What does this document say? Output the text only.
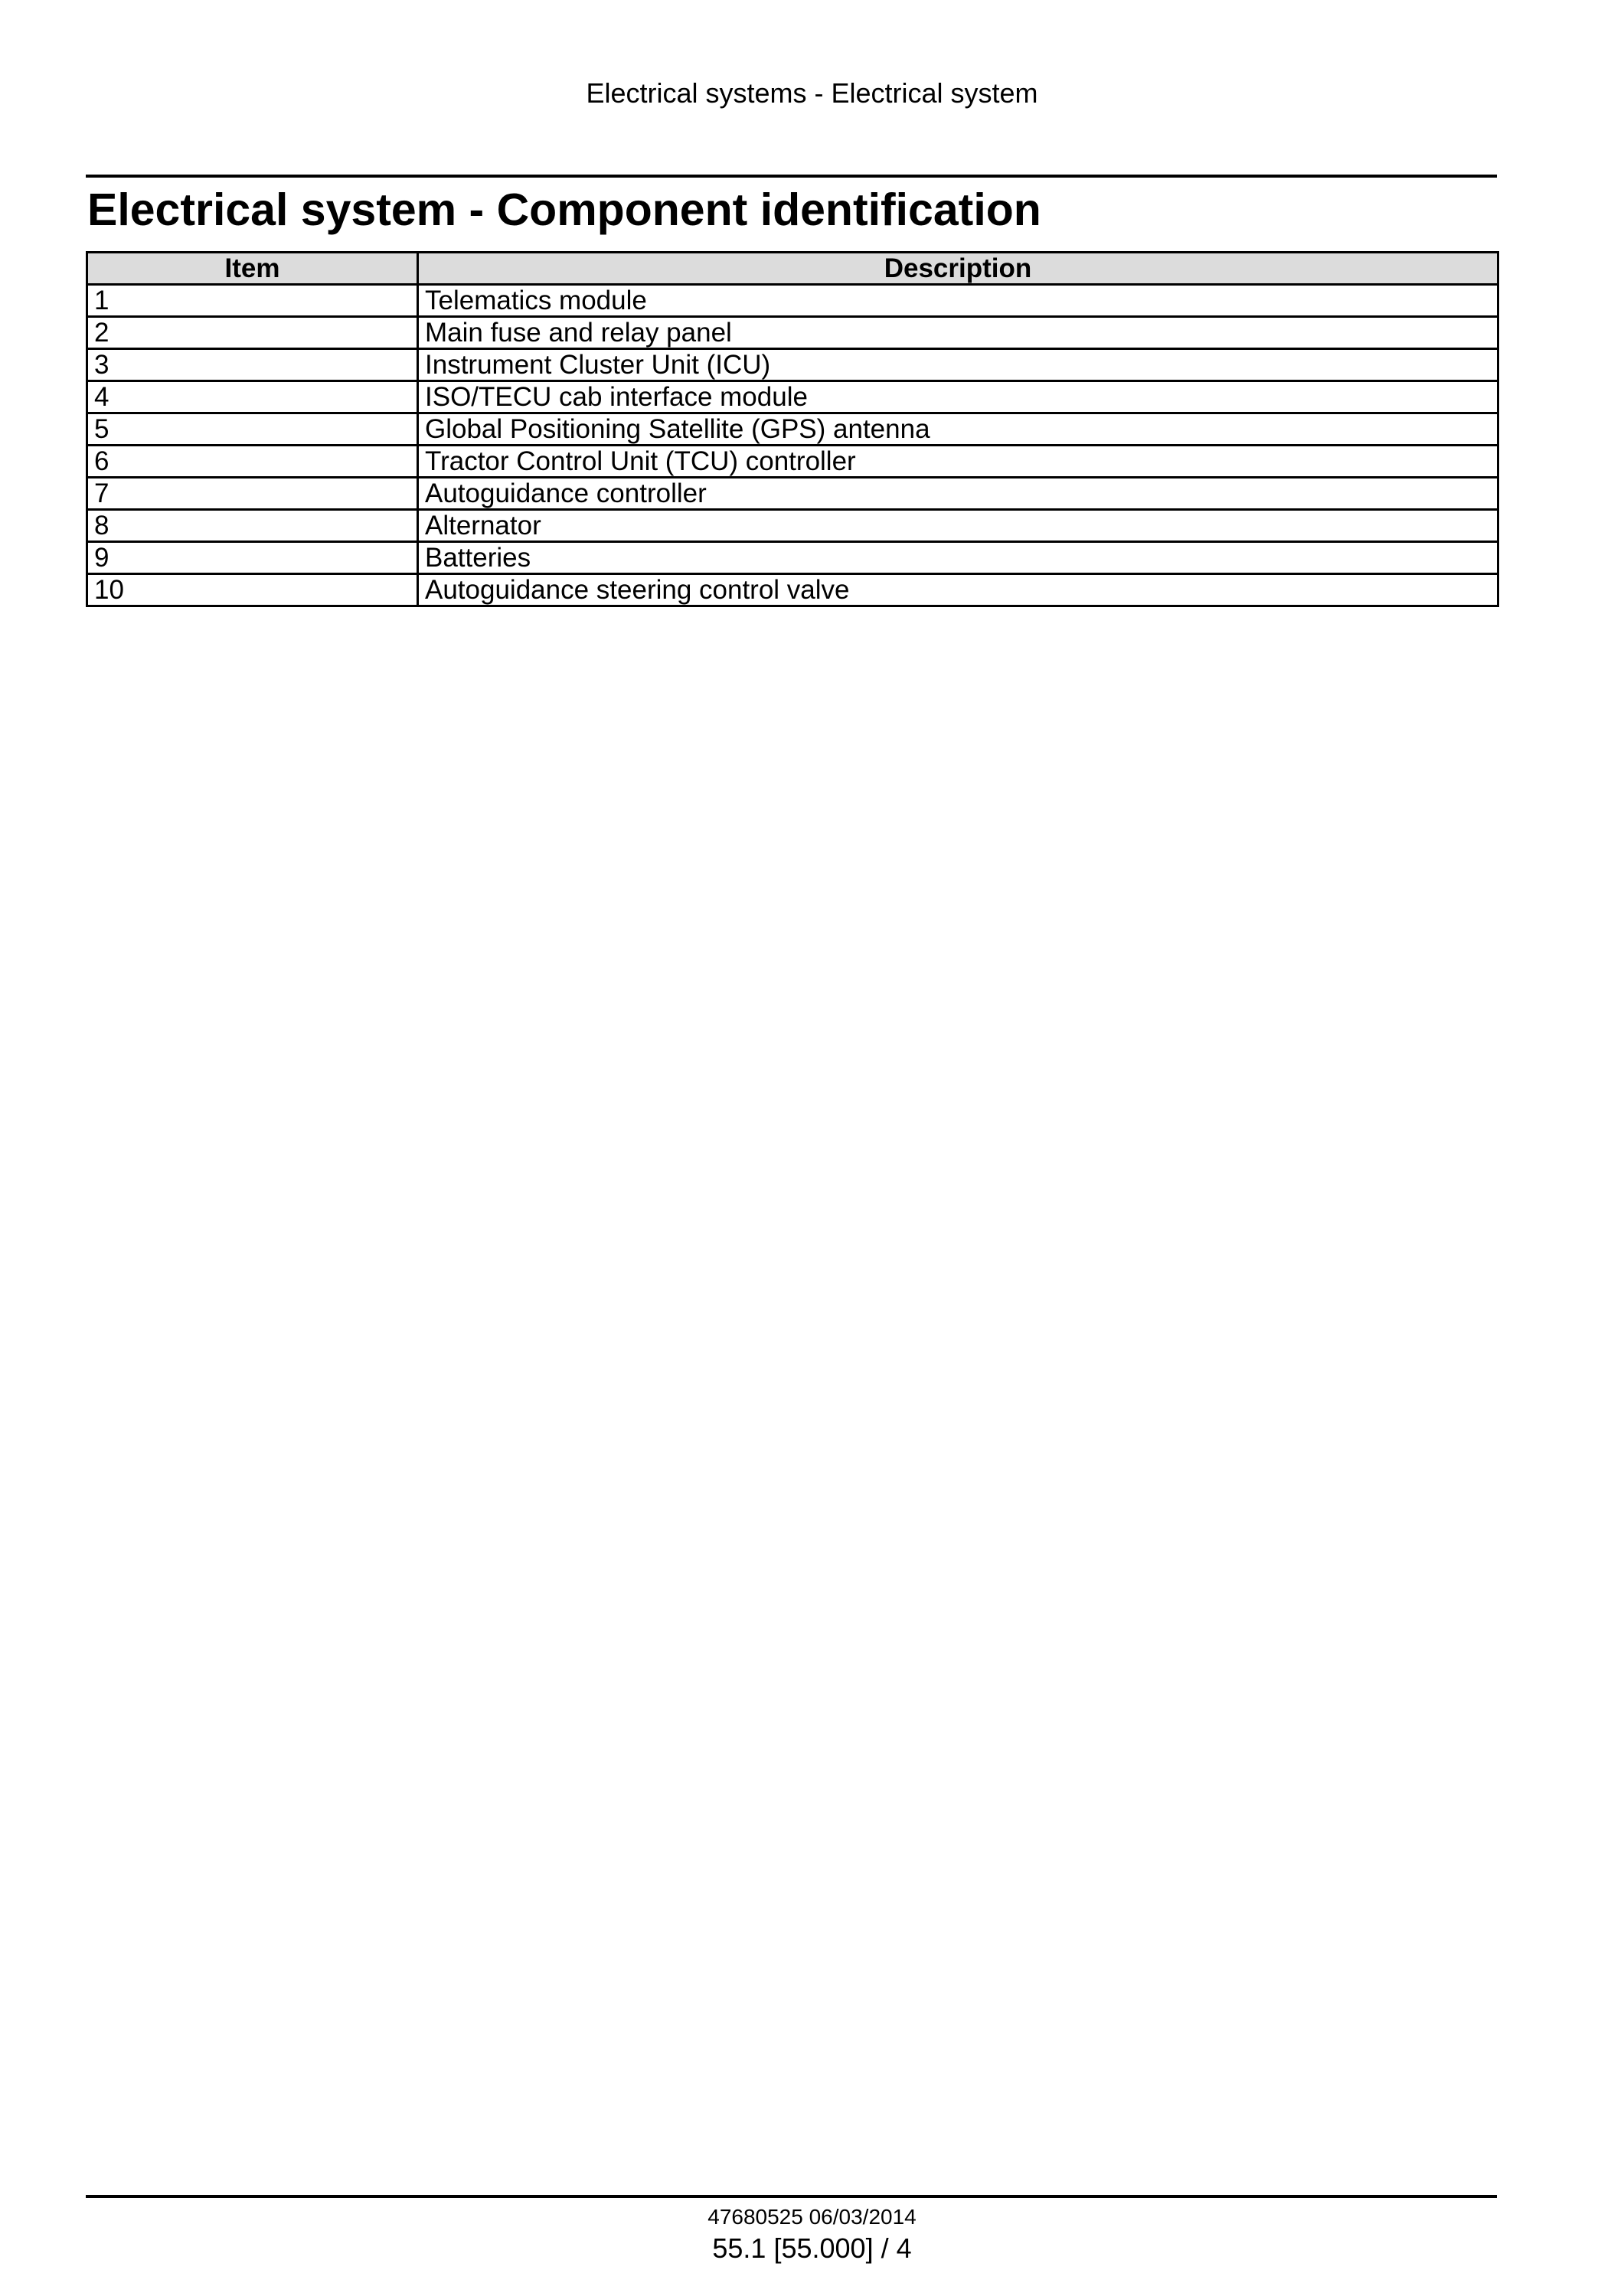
Electrical systems - Electrical system
Electrical system - Component identification
Item	Description
1	Telematics module
2	Main fuse and relay panel
3	Instrument Cluster Unit (ICU)
4	ISO/TECU cab interface module
5	Global Positioning Satellite (GPS) antenna
6	Tractor Control Unit (TCU) controller
7	Autoguidance controller
8	Alternator
9	Batteries
10	Autoguidance steering control valve
47680525 06/03/2014
55.1 [55.000] / 4
